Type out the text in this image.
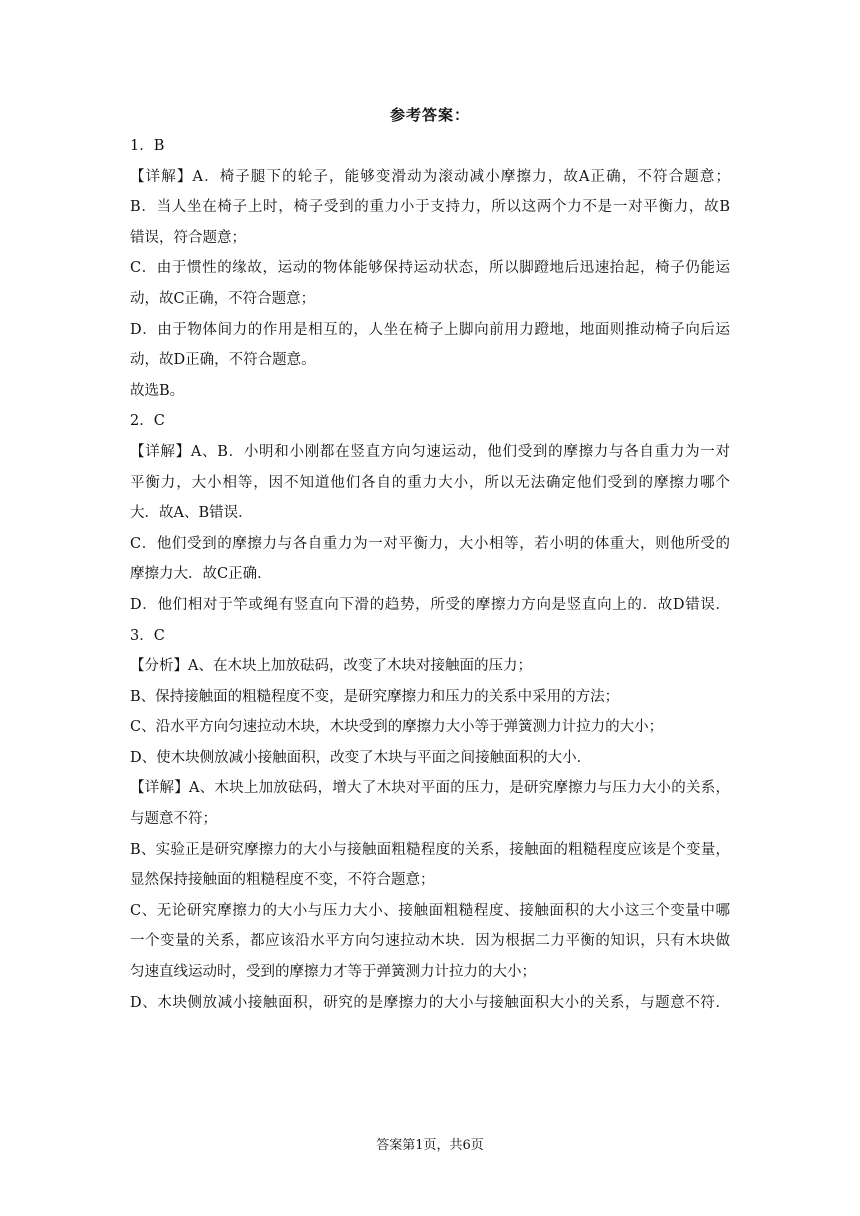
参考答案：
1．B
【详解】A．椅子腿下的轮子，能够变滑动为滚动减小摩擦力，故A正确，不符合题意；
B．当人坐在椅子上时，椅子受到的重力小于支持力，所以这两个力不是一对平衡力，故B
错误，符合题意；
C．由于惯性的缘故，运动的物体能够保持运动状态，所以脚蹬地后迅速抬起，椅子仍能运
动，故C正确，不符合题意；
D．由于物体间力的作用是相互的，人坐在椅子上脚向前用力蹬地，地面则推动椅子向后运
动，故D正确，不符合题意。
故选B。
2．C
【详解】A、B．小明和小刚都在竖直方向匀速运动，他们受到的摩擦力与各自重力为一对
平衡力，大小相等，因不知道他们各自的重力大小，所以无法确定他们受到的摩擦力哪个
大．故A、B错误．
C．他们受到的摩擦力与各自重力为一对平衡力，大小相等，若小明的体重大，则他所受的
摩擦力大．故C正确．
D．他们相对于竿或绳有竖直向下滑的趋势，所受的摩擦力方向是竖直向上的．故D错误．
3．C
【分析】A、在木块上加放砝码，改变了木块对接触面的压力；
B、保持接触面的粗糙程度不变，是研究摩擦力和压力的关系中采用的方法；
C、沿水平方向匀速拉动木块，木块受到的摩擦力大小等于弹簧测力计拉力的大小；
D、使木块侧放减小接触面积，改变了木块与平面之间接触面积的大小．
【详解】A、木块上加放砝码，增大了木块对平面的压力，是研究摩擦力与压力大小的关系，
与题意不符；
B、实验正是研究摩擦力的大小与接触面粗糙程度的关系，接触面的粗糙程度应该是个变量，
显然保持接触面的粗糙程度不变，不符合题意；
C、无论研究摩擦力的大小与压力大小、接触面粗糙程度、接触面积的大小这三个变量中哪
一个变量的关系，都应该沿水平方向匀速拉动木块．因为根据二力平衡的知识，只有木块做
匀速直线运动时，受到的摩擦力才等于弹簧测力计拉力的大小；
D、木块侧放减小接触面积，研究的是摩擦力的大小与接触面积大小的关系，与题意不符．
答案第1页，共6页
